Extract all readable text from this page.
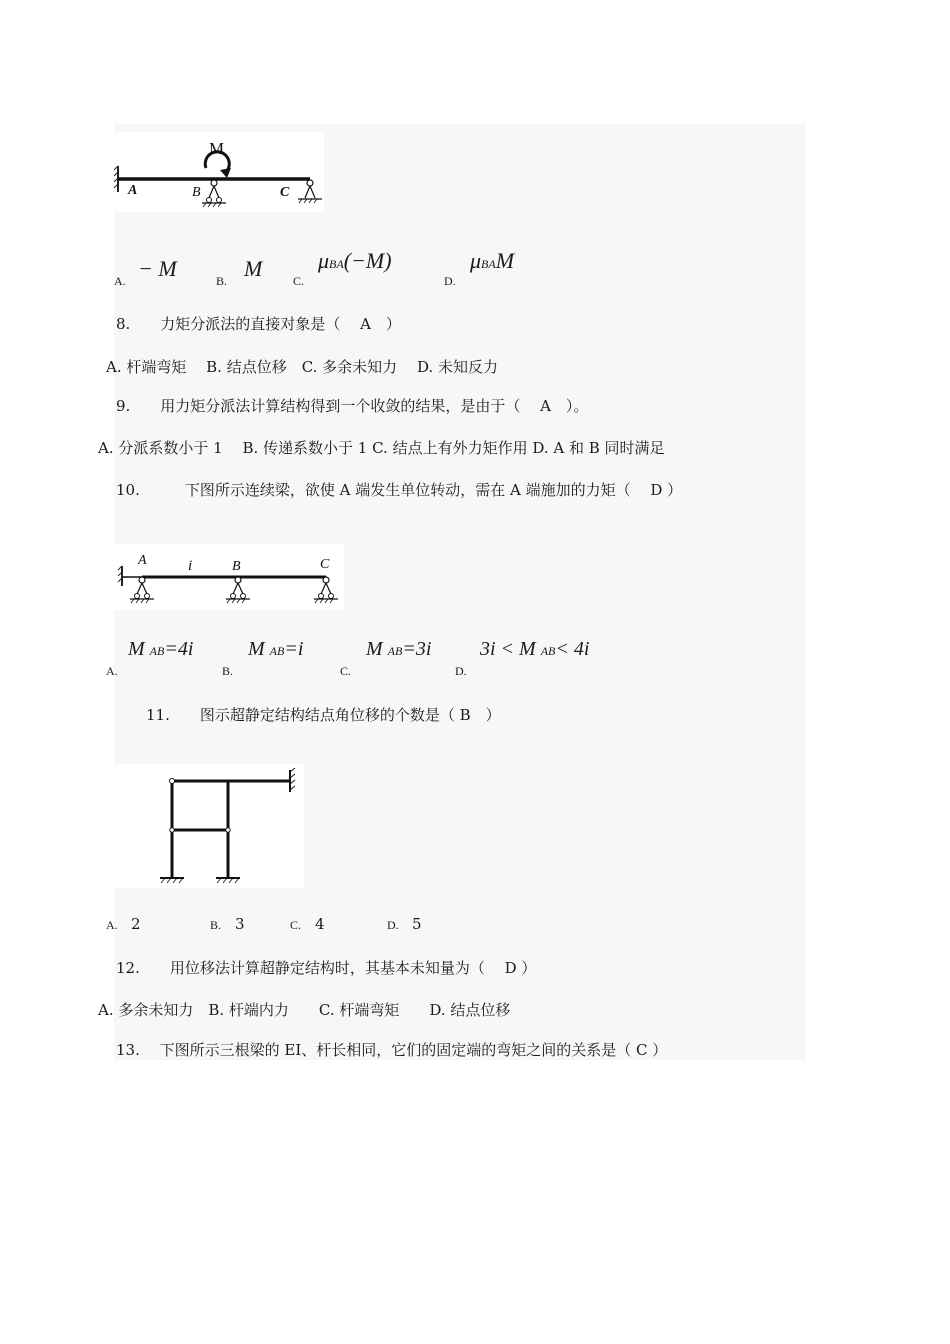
M
A	B	C
A. − M	B. M	C.
μBA(−M)
D.
μBAM
8.　　力矩分派法的直接对象是（　 A　）
A. 杆端弯矩　 B. 结点位移　C. 多余未知力　 D. 未知反力
9.　　用力矩分派法计算结构得到一个收敛的结果，是由于（　 A　）。
A. 分派系数小于 1　 B. 传递系数小于 1 C. 结点上有外力矩作用 D. A 和 B 同时满足
10.　　　下图所示连续梁，欲使 A 端发生单位转动，需在 A 端施加的力矩（　 D ）
A	i	B	C
A.
M AB=4i
B.
M AB=i
C.
M AB=3i
D.
3i < M AB< 4i
11.　　图示超静定结构结点角位移的个数是（ B　）
A. 2	B. 3	C. 4	D. 5
12.　　用位移法计算超静定结构时，其基本未知量为（　 D ）
A. 多余未知力　B. 杆端内力　　C. 杆端弯矩　　D. 结点位移
13.　 下图所示三根梁的 EI、杆长相同，它们的固定端的弯矩之间的关系是（ C ）
